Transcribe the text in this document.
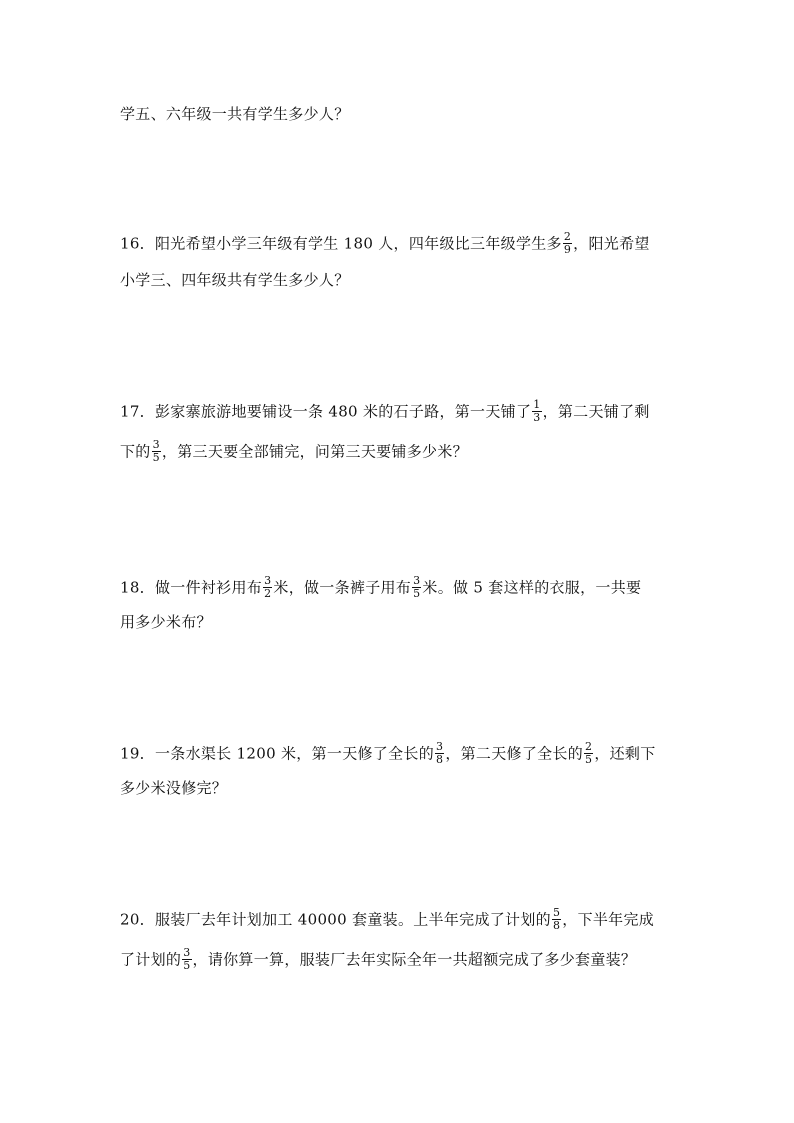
学五、六年级一共有学生多少人？
16．阳光希望小学三年级有学生 180 人，四年级比三年级学生多 $\frac{2}{9}$ ，阳光希望
小学三、四年级共有学生多少人？
17．彭家寨旅游地要铺设一条 480 米的石子路，第一天铺了 $\frac{1}{3}$ ，第二天铺了剩
下的 $\frac{3}{5}$ ，第三天要全部铺完，问第三天要铺多少米？
18．做一件衬衫用布 $\frac{3}{2}$ 米，做一条裤子用布 $\frac{3}{5}$ 米。做 5 套这样的衣服，一共要
用多少米布？
19．一条水渠长 1200 米，第一天修了全长的 $\frac{3}{8}$ ，第二天修了全长的 $\frac{2}{5}$ ，还剩下
多少米没修完？
20．服装厂去年计划加工 40000 套童装。上半年完成了计划的 $\frac{5}{8}$ ，下半年完成
了计划的 $\frac{3}{5}$ ，请你算一算，服装厂去年实际全年一共超额完成了多少套童装？
